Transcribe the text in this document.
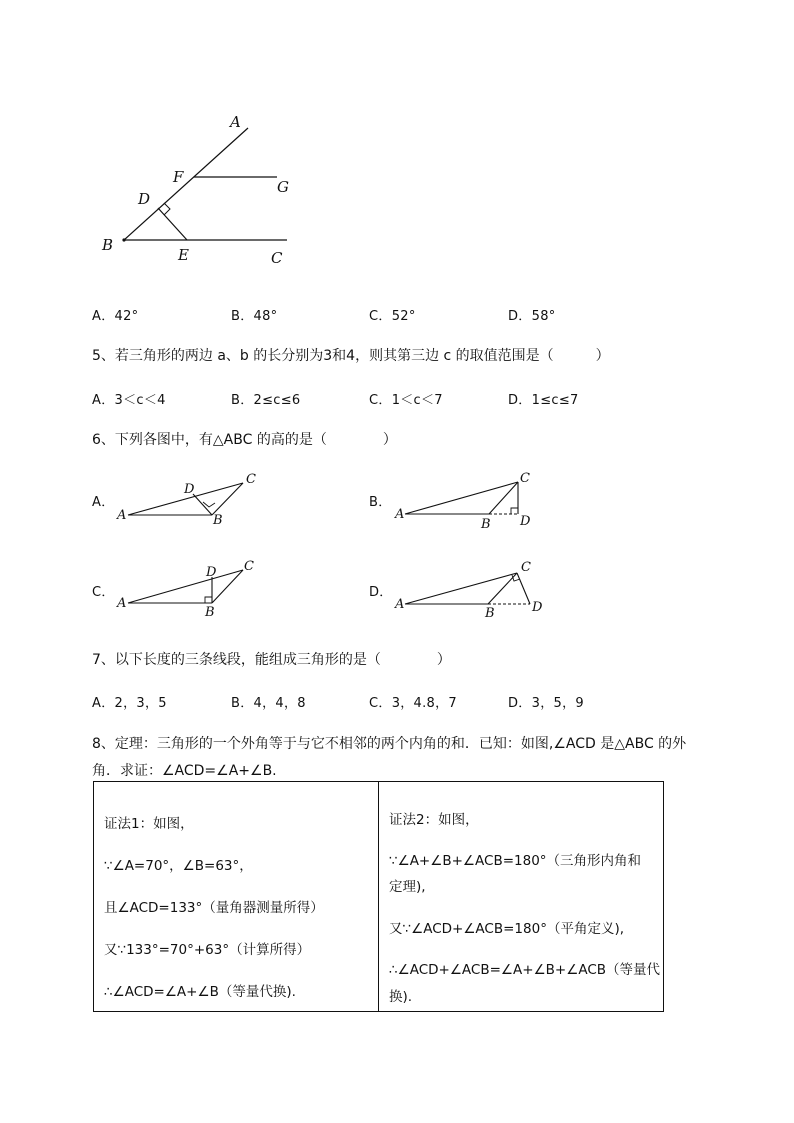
A
F
G
D
B
E	C
A．42°	B．48°	C．52°	D．58°
5、若三角形的两边 a、b 的长分别为3和4，则其第三边 c 的取值范围是（　　　）
A．3＜c＜4	B．2≤c≤6	C．1＜c＜7	D．1≤c≤7
6、下列各图中，有△ABC 的高的是（　　　　）
A．
A	B
C
D
B．
A
B
C
D
C．
A
B
C
D
D．
A
B
C
D
7、以下长度的三条线段，能组成三角形的是（　　　　）
A．2，3，5	B．4，4，8	C．3，4.8，7	D．3，5，9
8、定理：三角形的一个外角等于与它不相邻的两个内角的和．已知：如图,∠ACD 是△ABC 的外
角．求证：∠ACD=∠A+∠B.

证法1：如图，
∵∠A=70°，∠B=63°，
且∠ACD=133°（量角器测量所得）
又∵133°=70°+63°（计算所得）
∴∠ACD=∠A+∠B（等量代换).
证法2：如图，
∵∠A+∠B+∠ACB=180°（三角形内角和
定理),
又∵∠ACD+∠ACB=180°（平角定义),
∴∠ACD+∠ACB=∠A+∠B+∠ACB（等量代
换).
